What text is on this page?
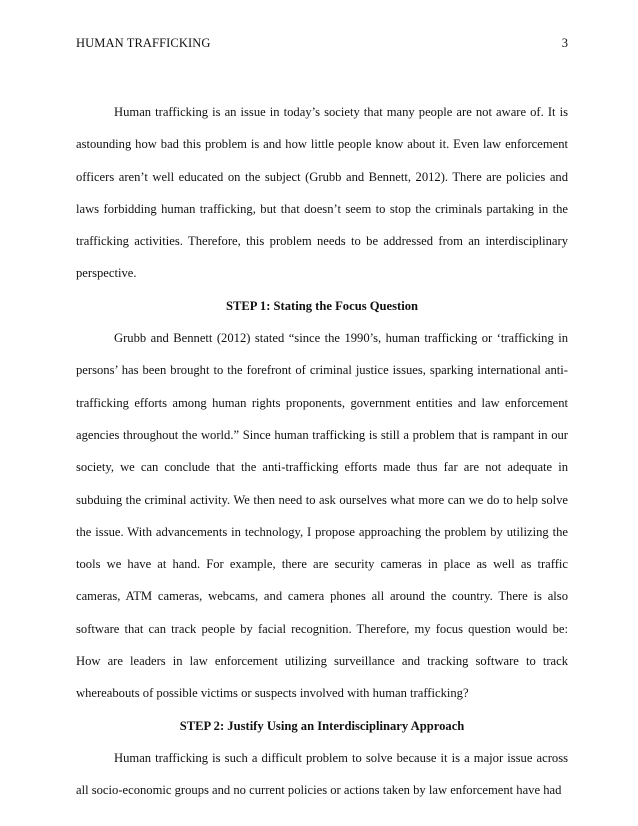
HUMAN TRAFFICKING	3

Human trafficking is an issue in today’s society that many people are not aware of. It is astounding how bad this problem is and how little people know about it. Even law enforcement officers aren’t well educated on the subject (Grubb and Bennett, 2012). There are policies and laws forbidding human trafficking, but that doesn’t seem to stop the criminals partaking in the trafficking activities. Therefore, this problem needs to be addressed from an interdisciplinary perspective.

STEP 1: Stating the Focus Question

Grubb and Bennett (2012) stated “since the 1990’s, human trafficking or ‘trafficking in persons’ has been brought to the forefront of criminal justice issues, sparking international anti-trafficking efforts among human rights proponents, government entities and law enforcement agencies throughout the world.” Since human trafficking is still a problem that is rampant in our society, we can conclude that the anti-trafficking efforts made thus far are not adequate in subduing the criminal activity. We then need to ask ourselves what more can we do to help solve the issue. With advancements in technology, I propose approaching the problem by utilizing the tools we have at hand. For example, there are security cameras in place as well as traffic cameras, ATM cameras, webcams, and camera phones all around the country. There is also software that can track people by facial recognition. Therefore, my focus question would be: How are leaders in law enforcement utilizing surveillance and tracking software to track whereabouts of possible victims or suspects involved with human trafficking?

STEP 2: Justify Using an Interdisciplinary Approach

Human trafficking is such a difficult problem to solve because it is a major issue across all socio-economic groups and no current policies or actions taken by law enforcement have had
